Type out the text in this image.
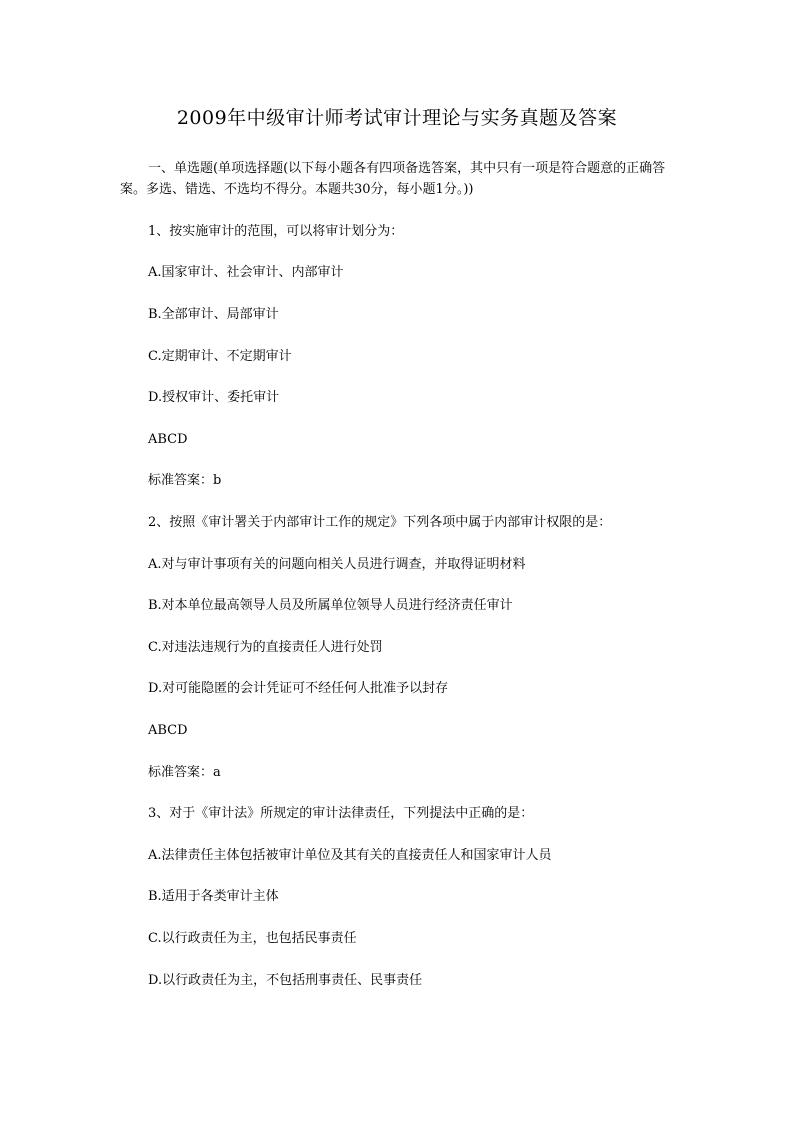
2009年中级审计师考试审计理论与实务真题及答案
一、单选题(单项选择题(以下每小题各有四项备选答案，其中只有一项是符合题意的正确答案。多选、错选、不选均不得分。本题共30分，每小题1分。))
1、按实施审计的范围，可以将审计划分为：
A.国家审计、社会审计、内部审计
B.全部审计、局部审计
C.定期审计、不定期审计
D.授权审计、委托审计
ABCD
标准答案：b
2、按照《审计署关于内部审计工作的规定》下列各项中属于内部审计权限的是：
A.对与审计事项有关的问题向相关人员进行调查，并取得证明材料
B.对本单位最高领导人员及所属单位领导人员进行经济责任审计
C.对违法违规行为的直接责任人进行处罚
D.对可能隐匿的会计凭证可不经任何人批准予以封存
ABCD
标准答案：a
3、对于《审计法》所规定的审计法律责任，下列提法中正确的是：
A.法律责任主体包括被审计单位及其有关的直接责任人和国家审计人员
B.适用于各类审计主体
C.以行政责任为主，也包括民事责任
D.以行政责任为主，不包括刑事责任、民事责任
